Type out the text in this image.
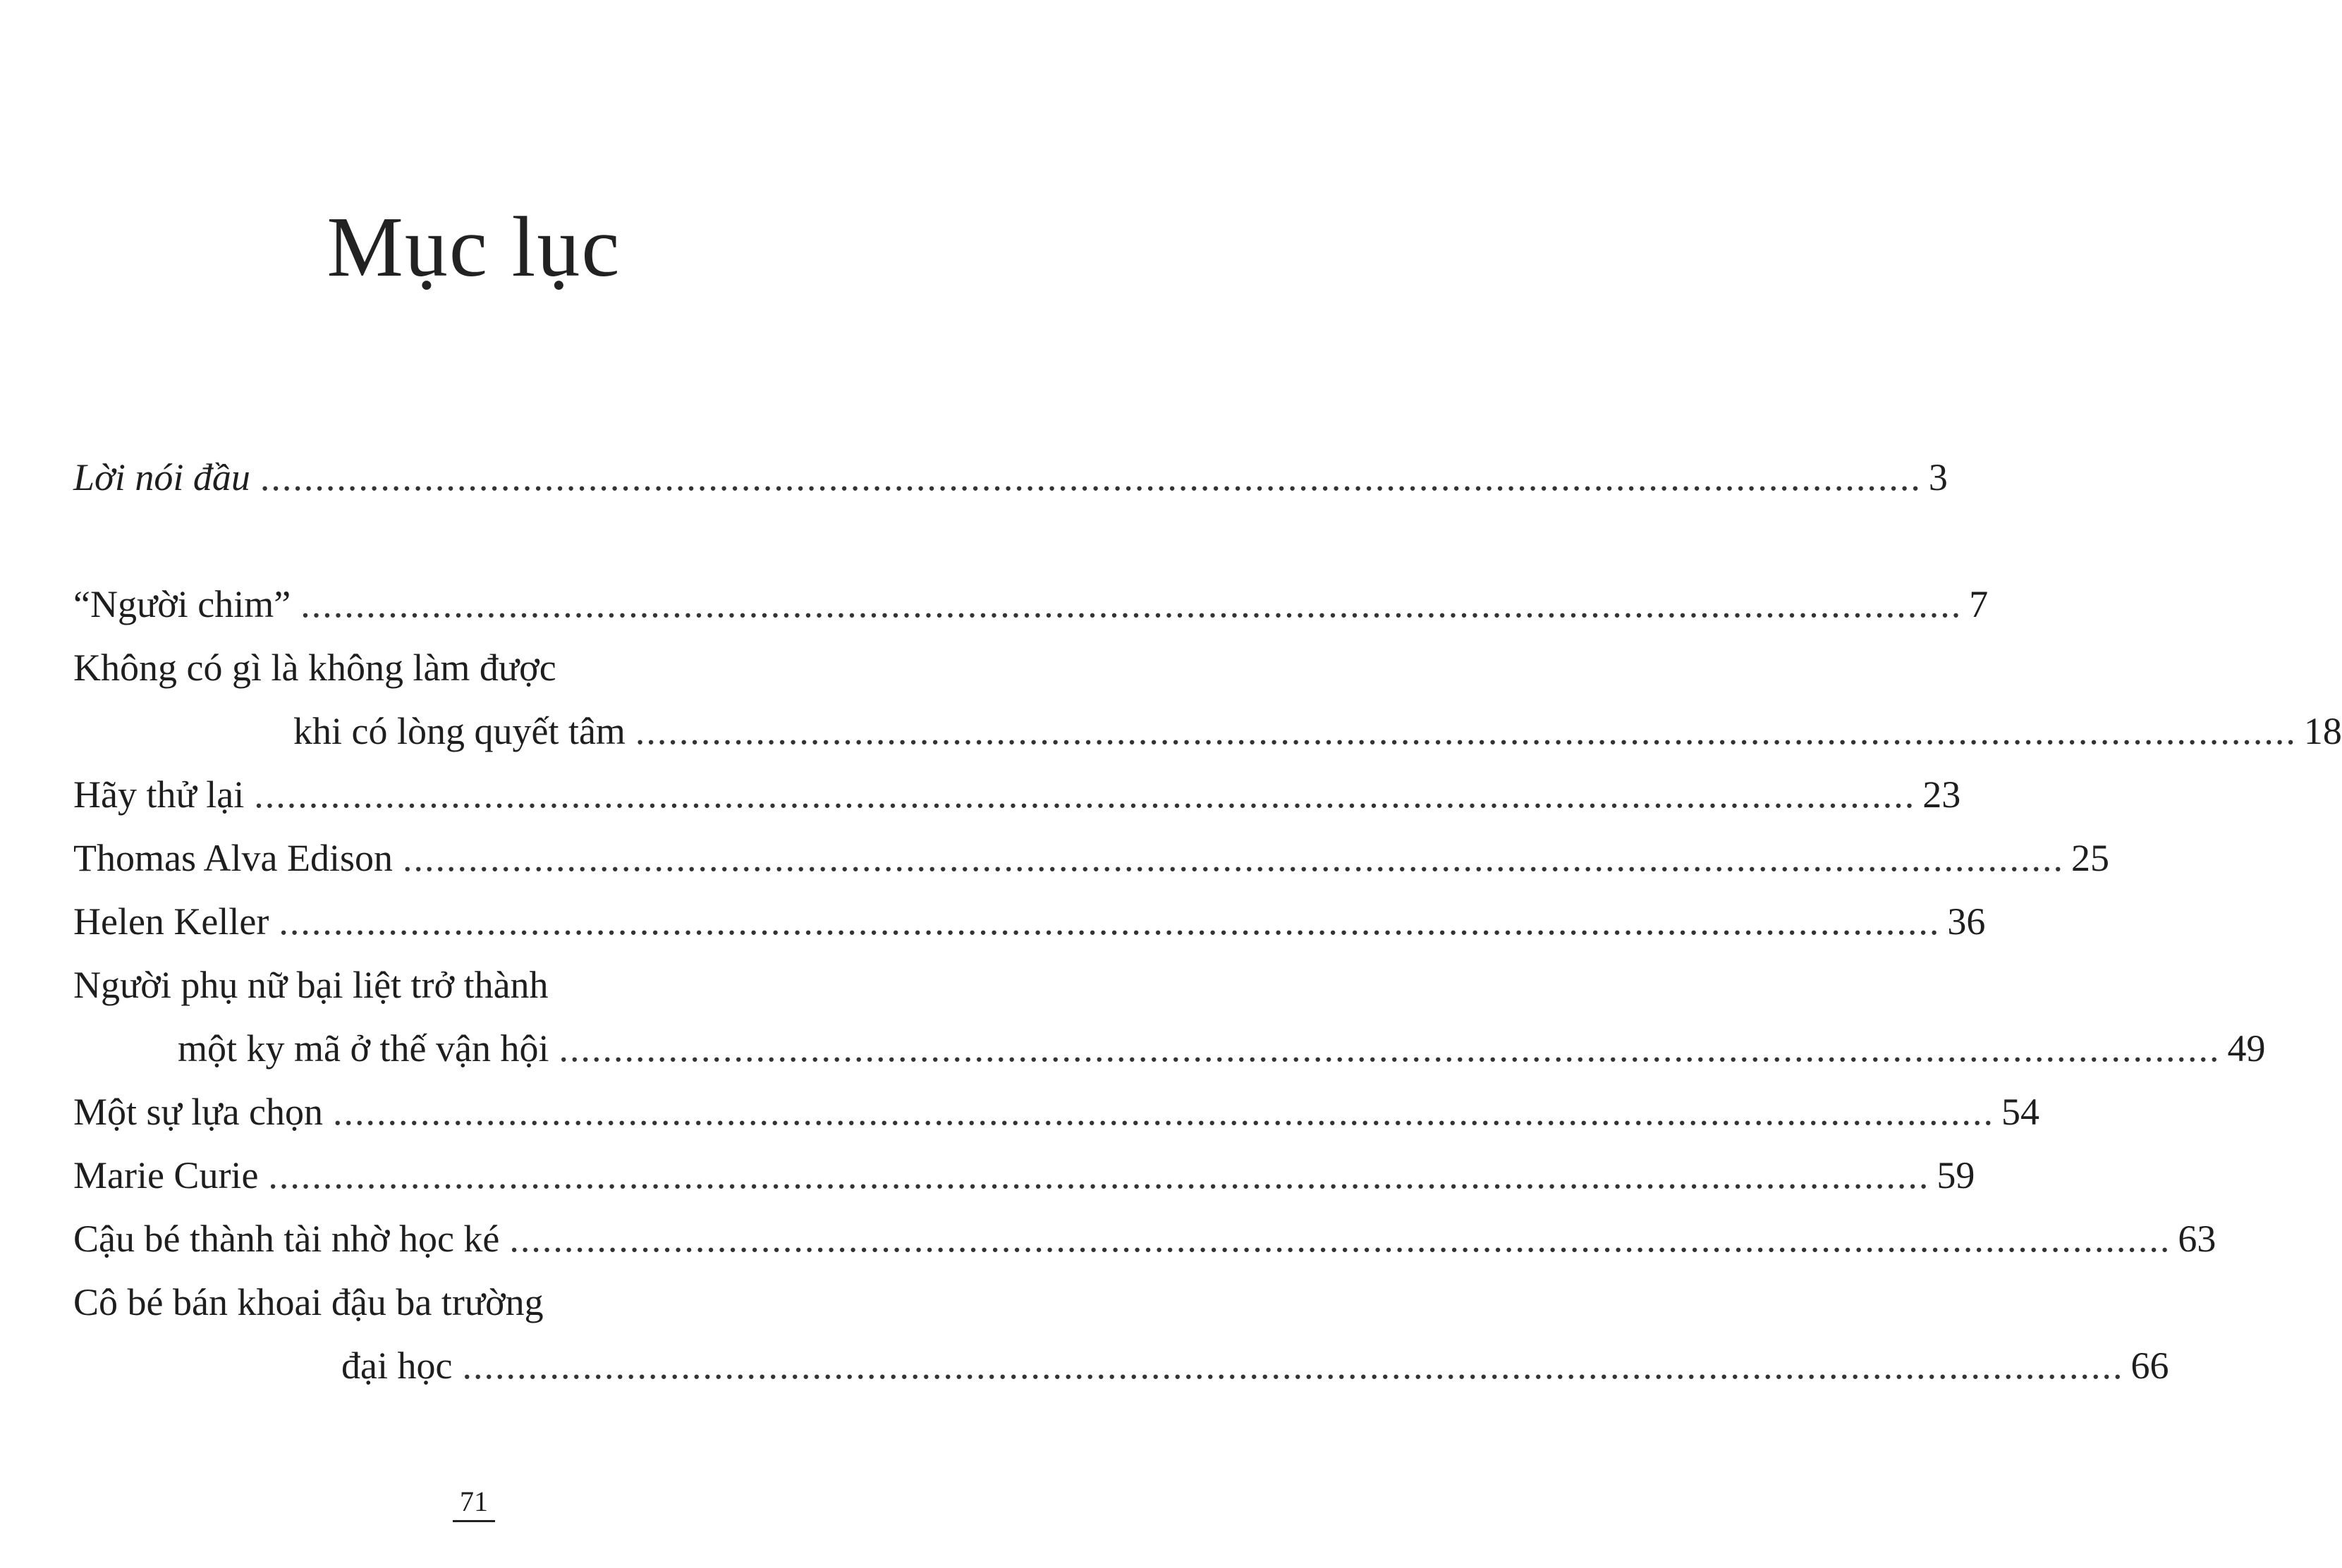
Mục lục
Lời nói đầu ........................................................................................................................................................ 3
“Người chim” ........................................................................................................................................................ 7
Không có gì là không làm được
khi có lòng quyết tâm ........................................................................................................................................................ 18
Hãy thử lại ........................................................................................................................................................ 23
Thomas Alva Edison ........................................................................................................................................................ 25
Helen Keller ........................................................................................................................................................ 36
Người phụ nữ bại liệt trở thành
một ky mã ở thế vận hội ........................................................................................................................................................ 49
Một sự lựa chọn ........................................................................................................................................................ 54
Marie Curie ........................................................................................................................................................ 59
Cậu bé thành tài nhờ học ké ........................................................................................................................................................ 63
Cô bé bán khoai đậu ba trường
đại học ........................................................................................................................................................ 66
71
